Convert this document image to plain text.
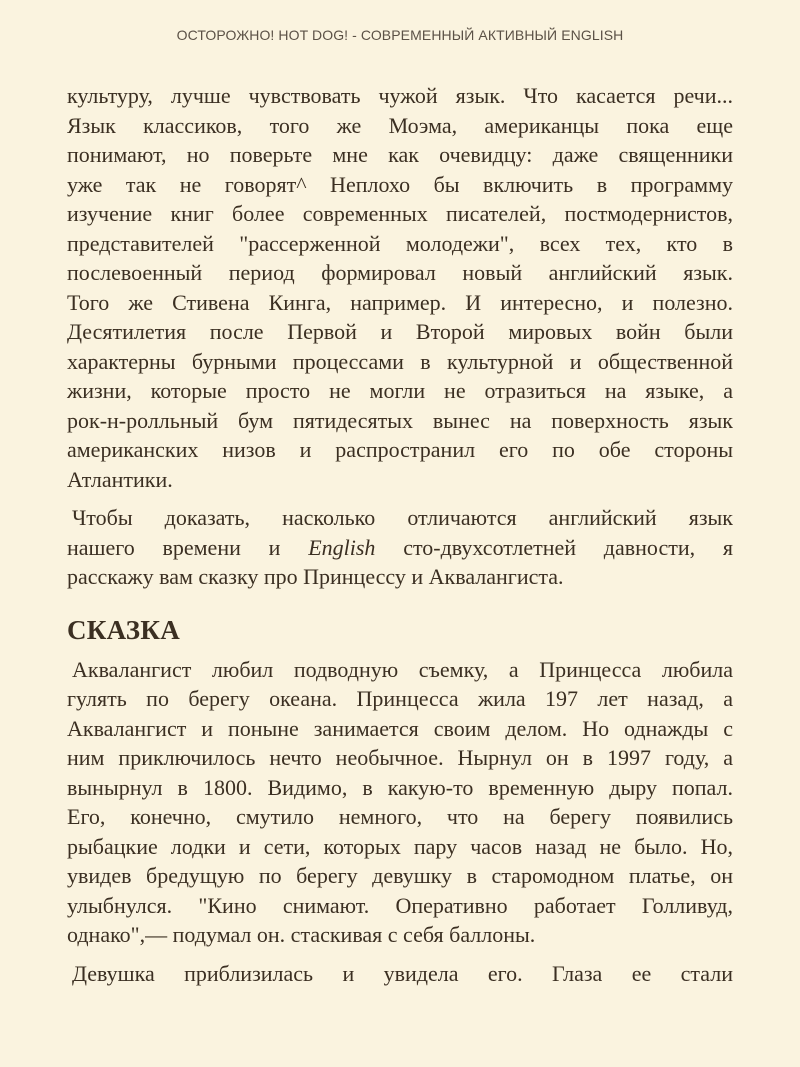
ОСТОРОЖНО! HOT DOG! - СОВРЕМЕННЫЙ АКТИВНЫЙ ENGLISH
культуру, лучше чувствовать чужой язык. Что касается речи...
Язык классиков, того же Моэма, американцы пока еще
понимают, но поверьте мне как очевидцу: даже священники
уже так не говорят^ Неплохо бы включить в программу
изучение книг более современных писателей, постмодернистов,
представителей "рассерженной молодежи", всех тех, кто в
послевоенный период формировал новый английский язык.
Того же Стивена Кинга, например. И интересно, и полезно.
Десятилетия после Первой и Второй мировых войн были
характерны бурными процессами в культурной и общественной
жизни, которые просто не могли не отразиться на языке, а
рок-н-ролльный бум пятидесятых вынес на поверхность язык
американских низов и распространил его по обе стороны
Атлантики.
Чтобы доказать, насколько отличаются английский язык
нашего времени и English сто-двухсотлетней давности, я
расскажу вам сказку про Принцессу и Аквалангиста.
СКАЗКА
Аквалангист любил подводную съемку, а Принцесса любила
гулять по берегу океана. Принцесса жила 197 лет назад, а
Аквалангист и поныне занимается своим делом. Но однажды с
ним приключилось нечто необычное. Нырнул он в 1997 году, а
вынырнул в 1800. Видимо, в какую-то временную дыру попал.
Его, конечно, смутило немного, что на берегу появились
рыбацкие лодки и сети, которых пару часов назад не было. Но,
увидев бредущую по берегу девушку в старомодном платье, он
улыбнулся. "Кино снимают. Оперативно работает Голливуд,
однако",— подумал он. стаскивая с себя баллоны.
Девушка приблизилась и увидела его. Глаза ее стали
